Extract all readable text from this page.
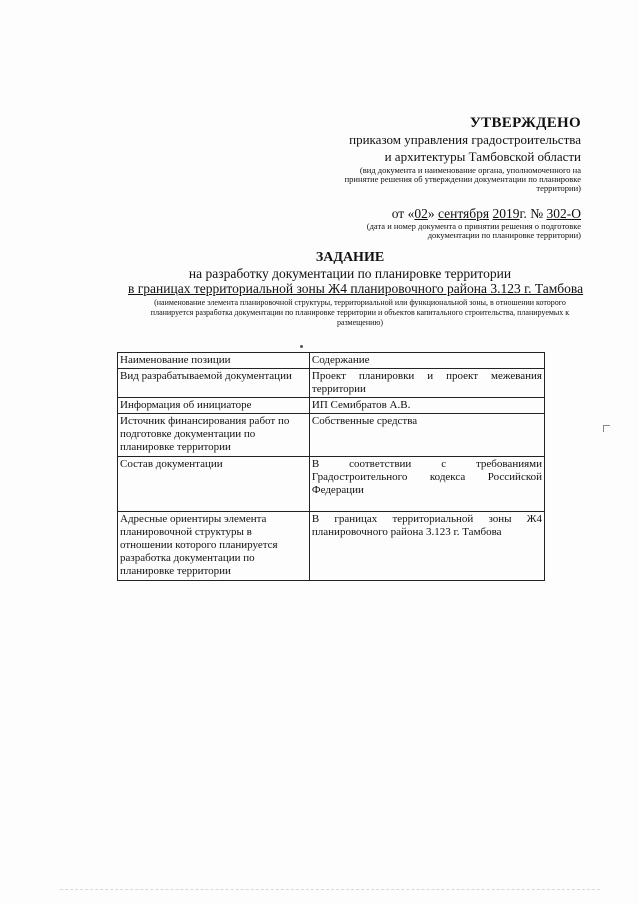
УТВЕРЖДЕНО
приказом управления градостроительства
и архитектуры Тамбовской области
(вид документа и наименование органа, уполномоченного на принятие решения об утверждении документации по планировке территории)
от «02» сентября 2019г. № 302-О
(дата и номер документа о принятии решения о подготовке документации по планировке территории)
ЗАДАНИЕ
на разработку документации по планировке территории
в границах территориальной зоны Ж4 планировочного района 3.123 г. Тамбова
(наименование элемента планировочной структуры, территориальной или функциональной зоны, в отношении которого планируется разработка документации по планировке территории и объектов капитального строительства, планируемых к размещению)
Наименование позиции	Содержание
Вид разрабатываемой документации	Проект планировки и проект межевания территории
Информация об инициаторе	ИП Семибратов А.В.
Источник финансирования работ по подготовке документации по планировке территории	Собственные средства
Состав документации	В соответствии с требованиями Градостроительного кодекса Российской Федерации
Адресные ориентиры элемента планировочной структуры в отношении которого планируется разработка документации по планировке территории	В границах территориальной зоны Ж4 планировочного района 3.123 г. Тамбова
